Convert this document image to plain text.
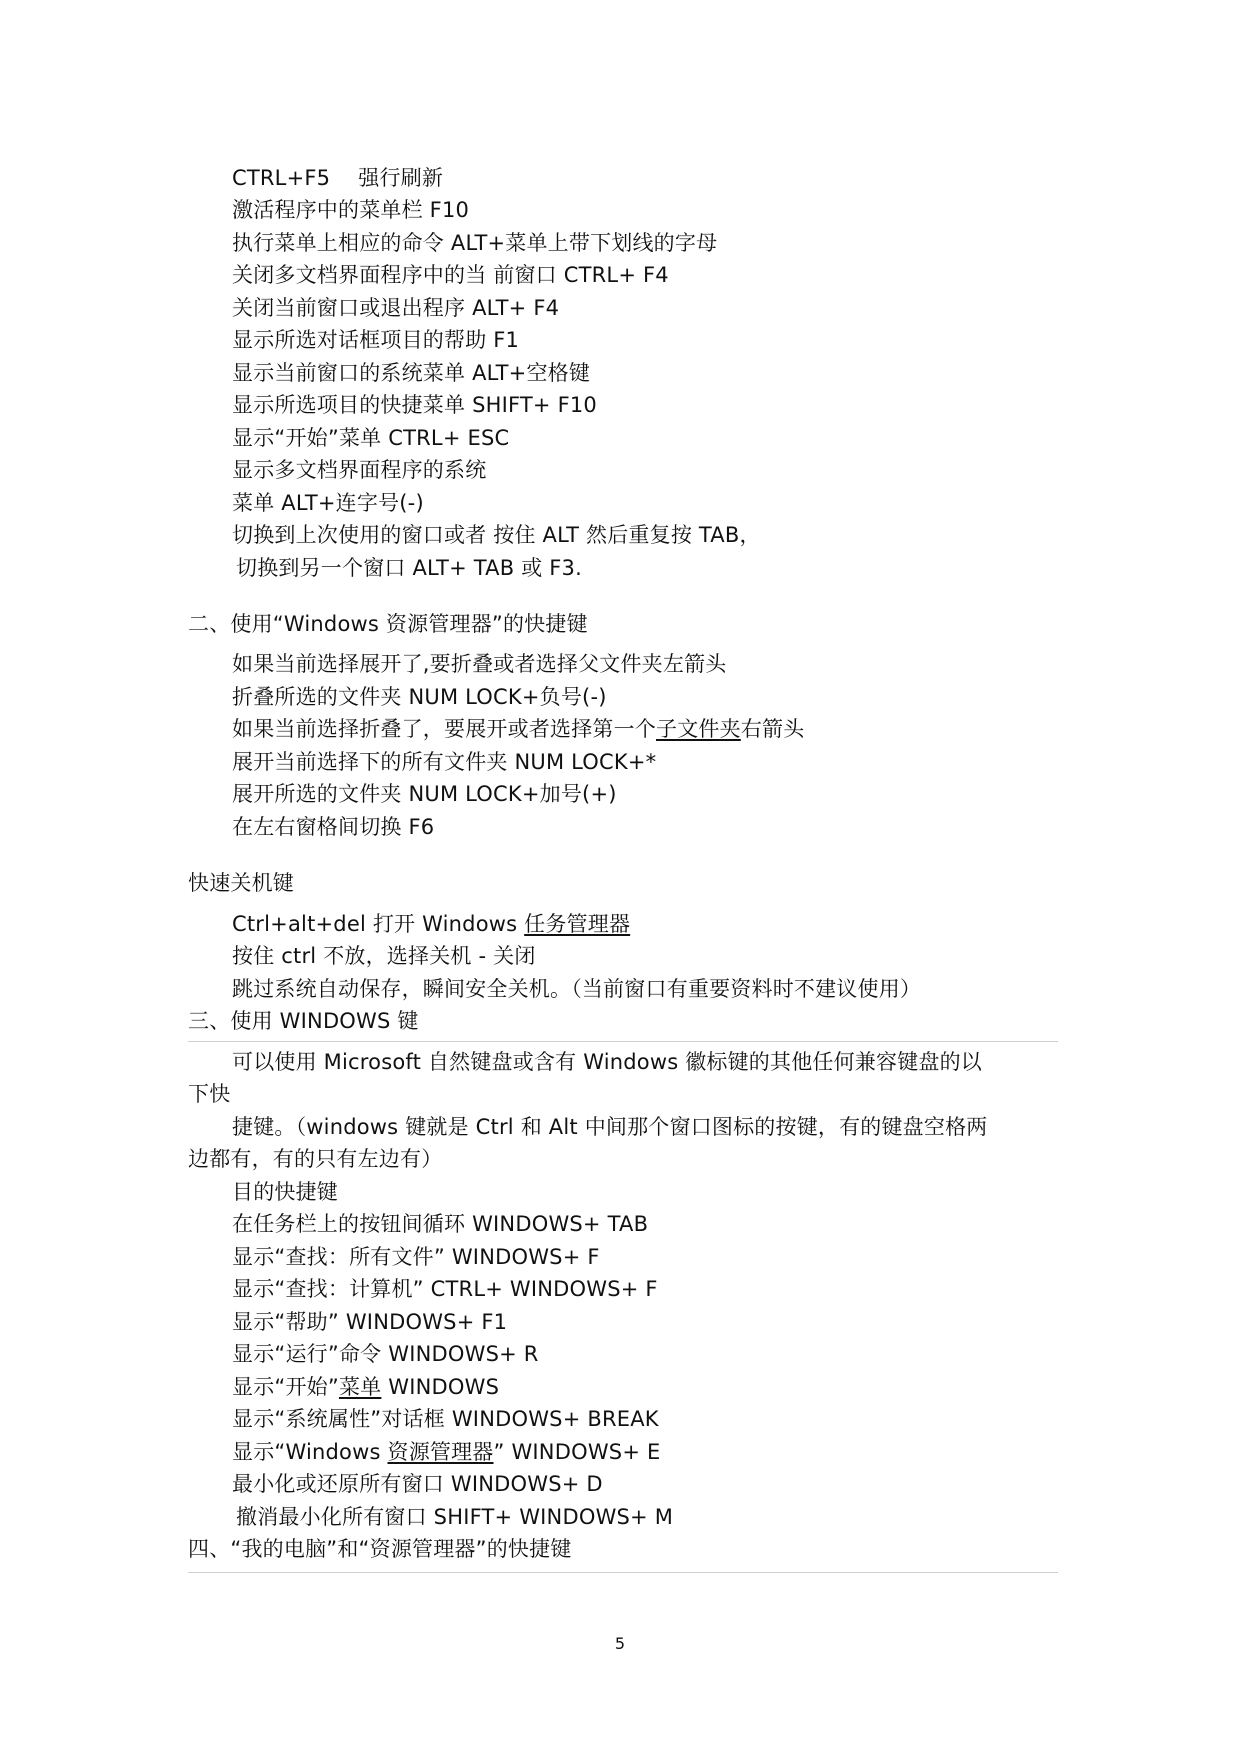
CTRL+F5　 强行刷新
激活程序中的菜单栏 F10
执行菜单上相应的命令 ALT+菜单上带下划线的字母
关闭多文档界面程序中的当 前窗口 CTRL+ F4
关闭当前窗口或退出程序 ALT+ F4
显示所选对话框项目的帮助 F1
显示当前窗口的系统菜单 ALT+空格键
显示所选项目的快捷菜单 SHIFT+ F10
显示“开始”菜单 CTRL+ ESC
显示多文档界面程序的系统
菜单 ALT+连字号(-)
切换到上次使用的窗口或者 按住 ALT 然后重复按 TAB，
切换到另一个窗口 ALT+ TAB 或 F3.
二、使用“Windows 资源管理器”的快捷键
如果当前选择展开了,要折叠或者选择父文件夹左箭头
折叠所选的文件夹 NUM LOCK+负号(-)
如果当前选择折叠了，要展开或者选择第一个子文件夹右箭头
展开当前选择下的所有文件夹 NUM LOCK+*
展开所选的文件夹 NUM LOCK+加号(+)
在左右窗格间切换 F6
快速关机键
Ctrl+alt+del 打开 Windows 任务管理器
按住 ctrl 不放，选择关机 - 关闭
跳过系统自动保存，瞬间安全关机。（当前窗口有重要资料时不建议使用）
三、使用 WINDOWS 键
可以使用 Microsoft 自然键盘或含有 Windows 徽标键的其他任何兼容键盘的以
下快
捷键。（windows 键就是 Ctrl 和 Alt 中间那个窗口图标的按键，有的键盘空格两
边都有，有的只有左边有）
目的快捷键
在任务栏上的按钮间循环 WINDOWS+ TAB
显示“查找：所有文件” WINDOWS+ F
显示“查找：计算机” CTRL+ WINDOWS+ F
显示“帮助” WINDOWS+ F1
显示“运行”命令 WINDOWS+ R
显示“开始”菜单 WINDOWS
显示“系统属性”对话框 WINDOWS+ BREAK
显示“Windows 资源管理器” WINDOWS+ E
最小化或还原所有窗口 WINDOWS+ D
撤消最小化所有窗口 SHIFT+ WINDOWS+ M
四、“我的电脑”和“资源管理器”的快捷键
5
